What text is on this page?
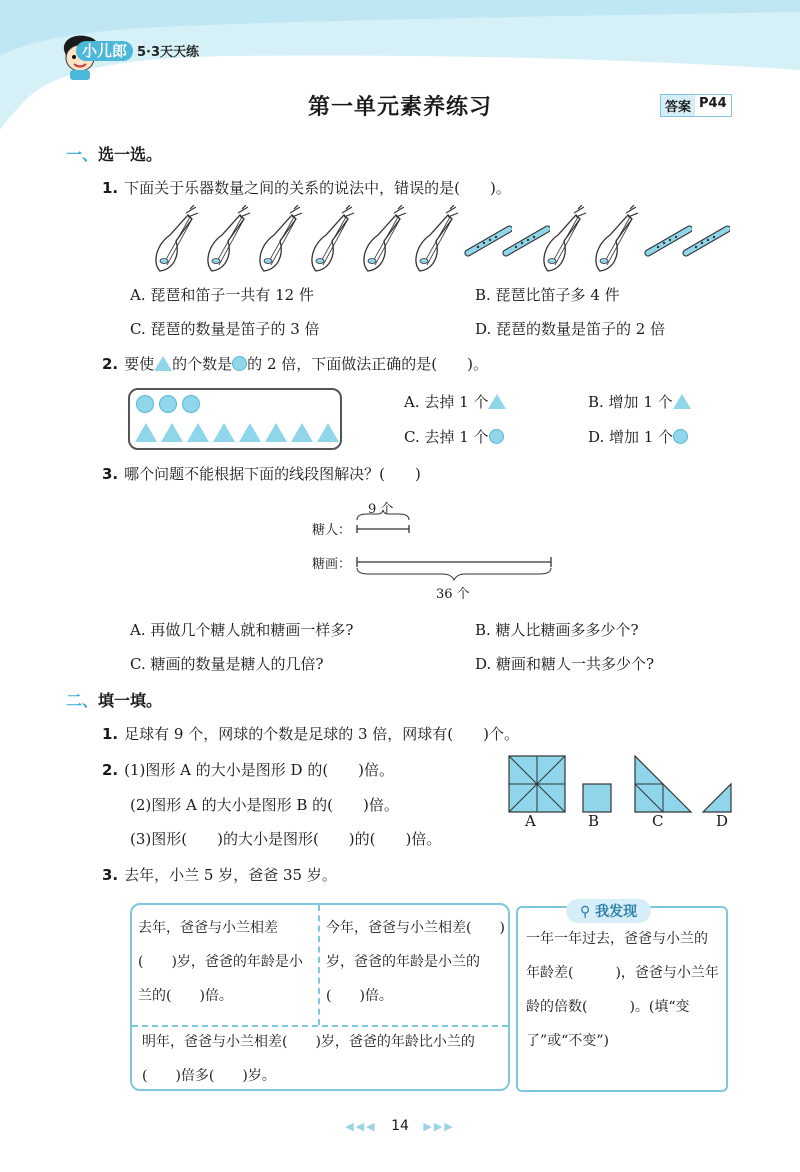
小儿郎 5·3天天练
第一单元素养练习	答案 P44
一、选一选。
1. 下面关于乐器数量之间的关系的说法中，错误的是(　　)。
A. 琵琶和笛子一共有 12 件	B. 琵琶比笛子多 4 件
C. 琵琶的数量是笛子的 3 倍	D. 琵琶的数量是笛子的 2 倍
2. 要使 的个数是 的 2 倍，下面做法正确的是(　　)。
A. 去掉 1 个	B. 增加 1 个
C. 去掉 1 个	D. 增加 1 个
3. 哪个问题不能根据下面的线段图解决？(　　)
9 个
糖人：
糖画：
36 个
A. 再做几个糖人就和糖画一样多?	B. 糖人比糖画多多少个?
C. 糖画的数量是糖人的几倍?	D. 糖画和糖人一共多少个?
二、填一填。
1. 足球有 9 个，网球的个数是足球的 3 倍，网球有(　　)个。
2. (1)图形 A 的大小是图形 D 的(　　)倍。
(2)图形 A 的大小是图形 B 的(　　)倍。
(3)图形(　　)的大小是图形(　　)的(　　)倍。
A	B	C	D
3. 去年，小兰 5 岁，爸爸 35 岁。
去年，爸爸与小兰相差(　　)岁，爸爸的年龄是小兰的(　　)倍。
今年，爸爸与小兰相差(　　)岁，爸爸的年龄是小兰的(　　)倍。
明年，爸爸与小兰相差(　　)岁，爸爸的年龄比小兰的(　　)倍多(　　)岁。
一年一年过去，爸爸与小兰的年龄差(　　　)，爸爸与小兰年龄的倍数(　　　)。(填“变了”或“不变”)
⚲ 我发现
◀◀◀ 14 ▶▶▶
